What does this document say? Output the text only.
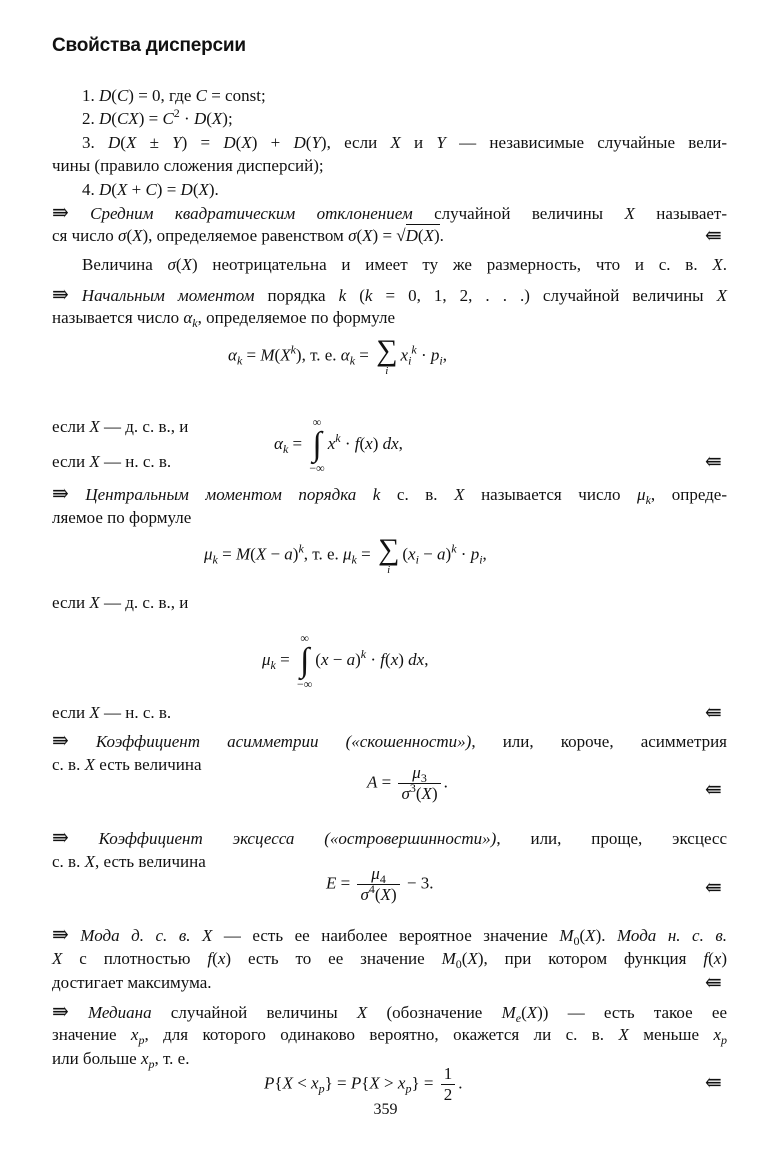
Свойства дисперсии
1. D(C) = 0, где C = const;
2. $D(CX) = C^2 \cdot D(X)$;
3. D(X ± Y) = D(X) + D(Y), если X и Y — независимые случайные вели-
чины (правило сложения дисперсий);
4. D(X + C) = D(X).
⇛ Средним квадратическим отклонением случайной величины X называет-
ся число σ(X), определяемое равенством σ(X) = √D(X).	⇚
Величина σ(X) неотрицательна и имеет ту же размерность, что и с. в. X.
⇛ Начальным моментом порядка k (k = 0, 1, 2, . . .) случайной величины X
называется число $\alpha_k$, определяемое по формуле
$\alpha_k = M(X^k)$, т. е. $\alpha_k$ = ∑
i
$x_i^k \cdot p_i$,
если X — д. с. в., и
$\alpha_k$ =
∞
∫
−∞
$x^k \cdot f(x)$ dx,
если X — н. с. в.	⇚
⇛ Центральным моментом порядка k с. в. X называется число $\mu_k$, опреде-
ляемое по формуле
$\mu_k = M(X - a)^k$, т. е. $\mu_k$ = ∑
i
$(x_i - a)^k \cdot p_i$,
если X — д. с. в., и
$\mu_k$ =
∞
∫
−∞
$(x - a)^k \cdot f(x)$ dx,
если X — н. с. в.	⇚
⇛ Коэффициент асимметрии («скошенности»), или, короче, асимметрия
с. в. X есть величина
$A = \frac{\mu_3}{\sigma^3(X)}$ .	⇚
⇛ Коэффициент эксцесса («островершинности»), или, проще, эксцесс
с. в. X, есть величина
$E = \frac{\mu_4}{\sigma^4(X)} - 3$.	⇚
⇛ Мода д. с. в. X — есть ее наиболее вероятное значение $M_0(X)$. Мода н. с. в.
X с плотностью f(x) есть то ее значение $M_0(X)$, при котором функция f(x)
достигает максимума.	⇚
⇛ Медиана случайной величины X (обозначение $M_e(X)$) — есть такое ее
значение $x_p$, для которого одинаково вероятно, окажется ли с. в. X меньше $x_p$
или больше $x_p$, т. е.
$P\{X < x_p\} = P\{X > x_p\} = \frac{1}{2}$ .	⇚
359
